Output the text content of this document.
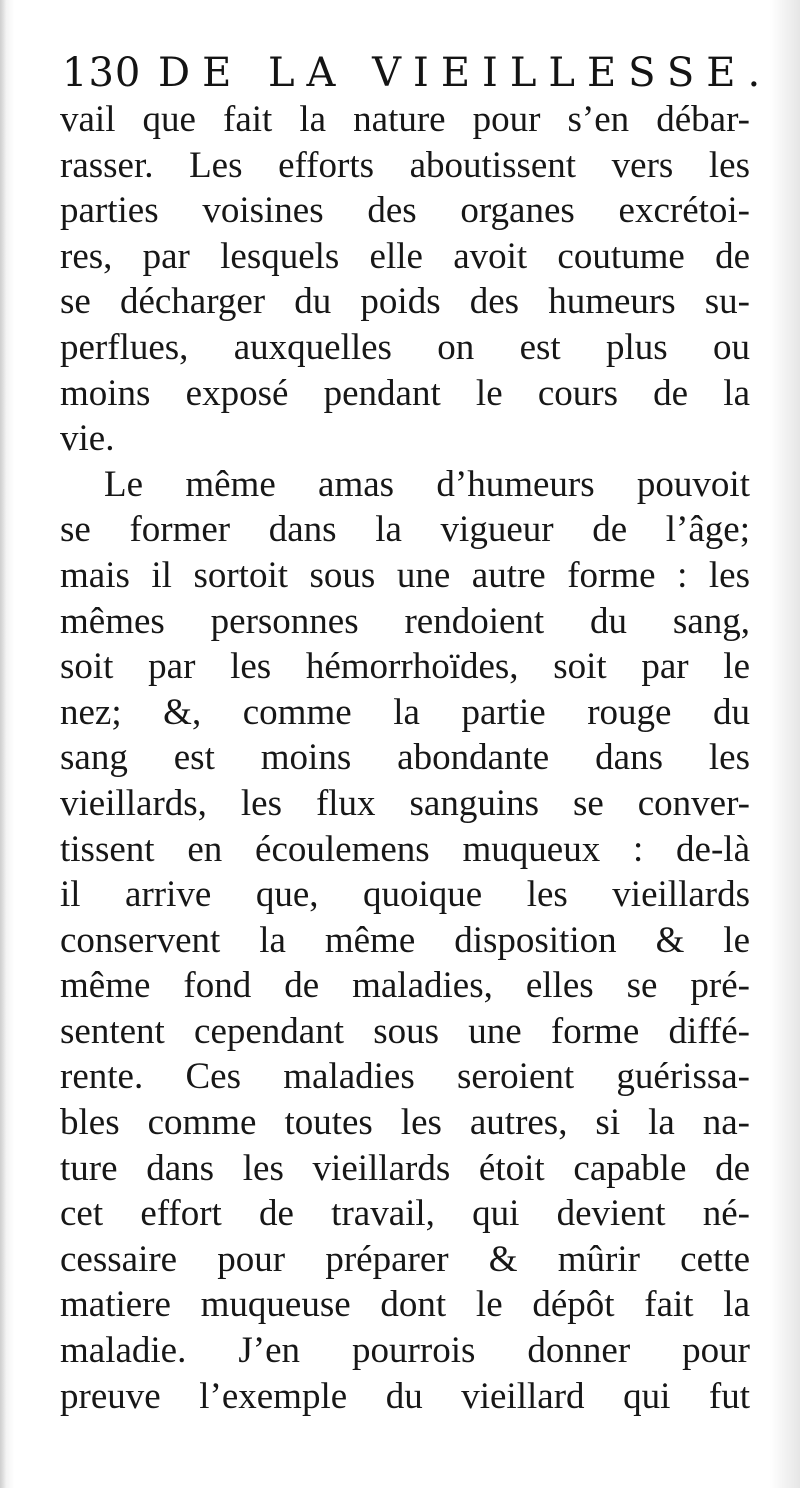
130 DE LA VIEILLESSE.
vail que fait la nature pour s’en débar-
rasser. Les efforts aboutissent vers les
parties voisines des organes excrétoi-
res, par lesquels elle avoit coutume de
se décharger du poids des humeurs su-
perflues, auxquelles on est plus ou
moins exposé pendant le cours de la
vie.
Le même amas d’humeurs pouvoit
se former dans la vigueur de l’âge;
mais il sortoit sous une autre forme : les
mêmes personnes rendoient du sang,
soit par les hémorrhoïdes, soit par le
nez; &, comme la partie rouge du
sang est moins abondante dans les
vieillards, les flux sanguins se conver-
tissent en écoulemens muqueux : de-là
il arrive que, quoique les vieillards
conservent la même disposition & le
même fond de maladies, elles se pré-
sentent cependant sous une forme diffé-
rente. Ces maladies seroient guérissa-
bles comme toutes les autres, si la na-
ture dans les vieillards étoit capable de
cet effort de travail, qui devient né-
cessaire pour préparer & mûrir cette
matiere muqueuse dont le dépôt fait la
maladie. J’en pourrois donner pour
preuve l’exemple du vieillard qui fut
